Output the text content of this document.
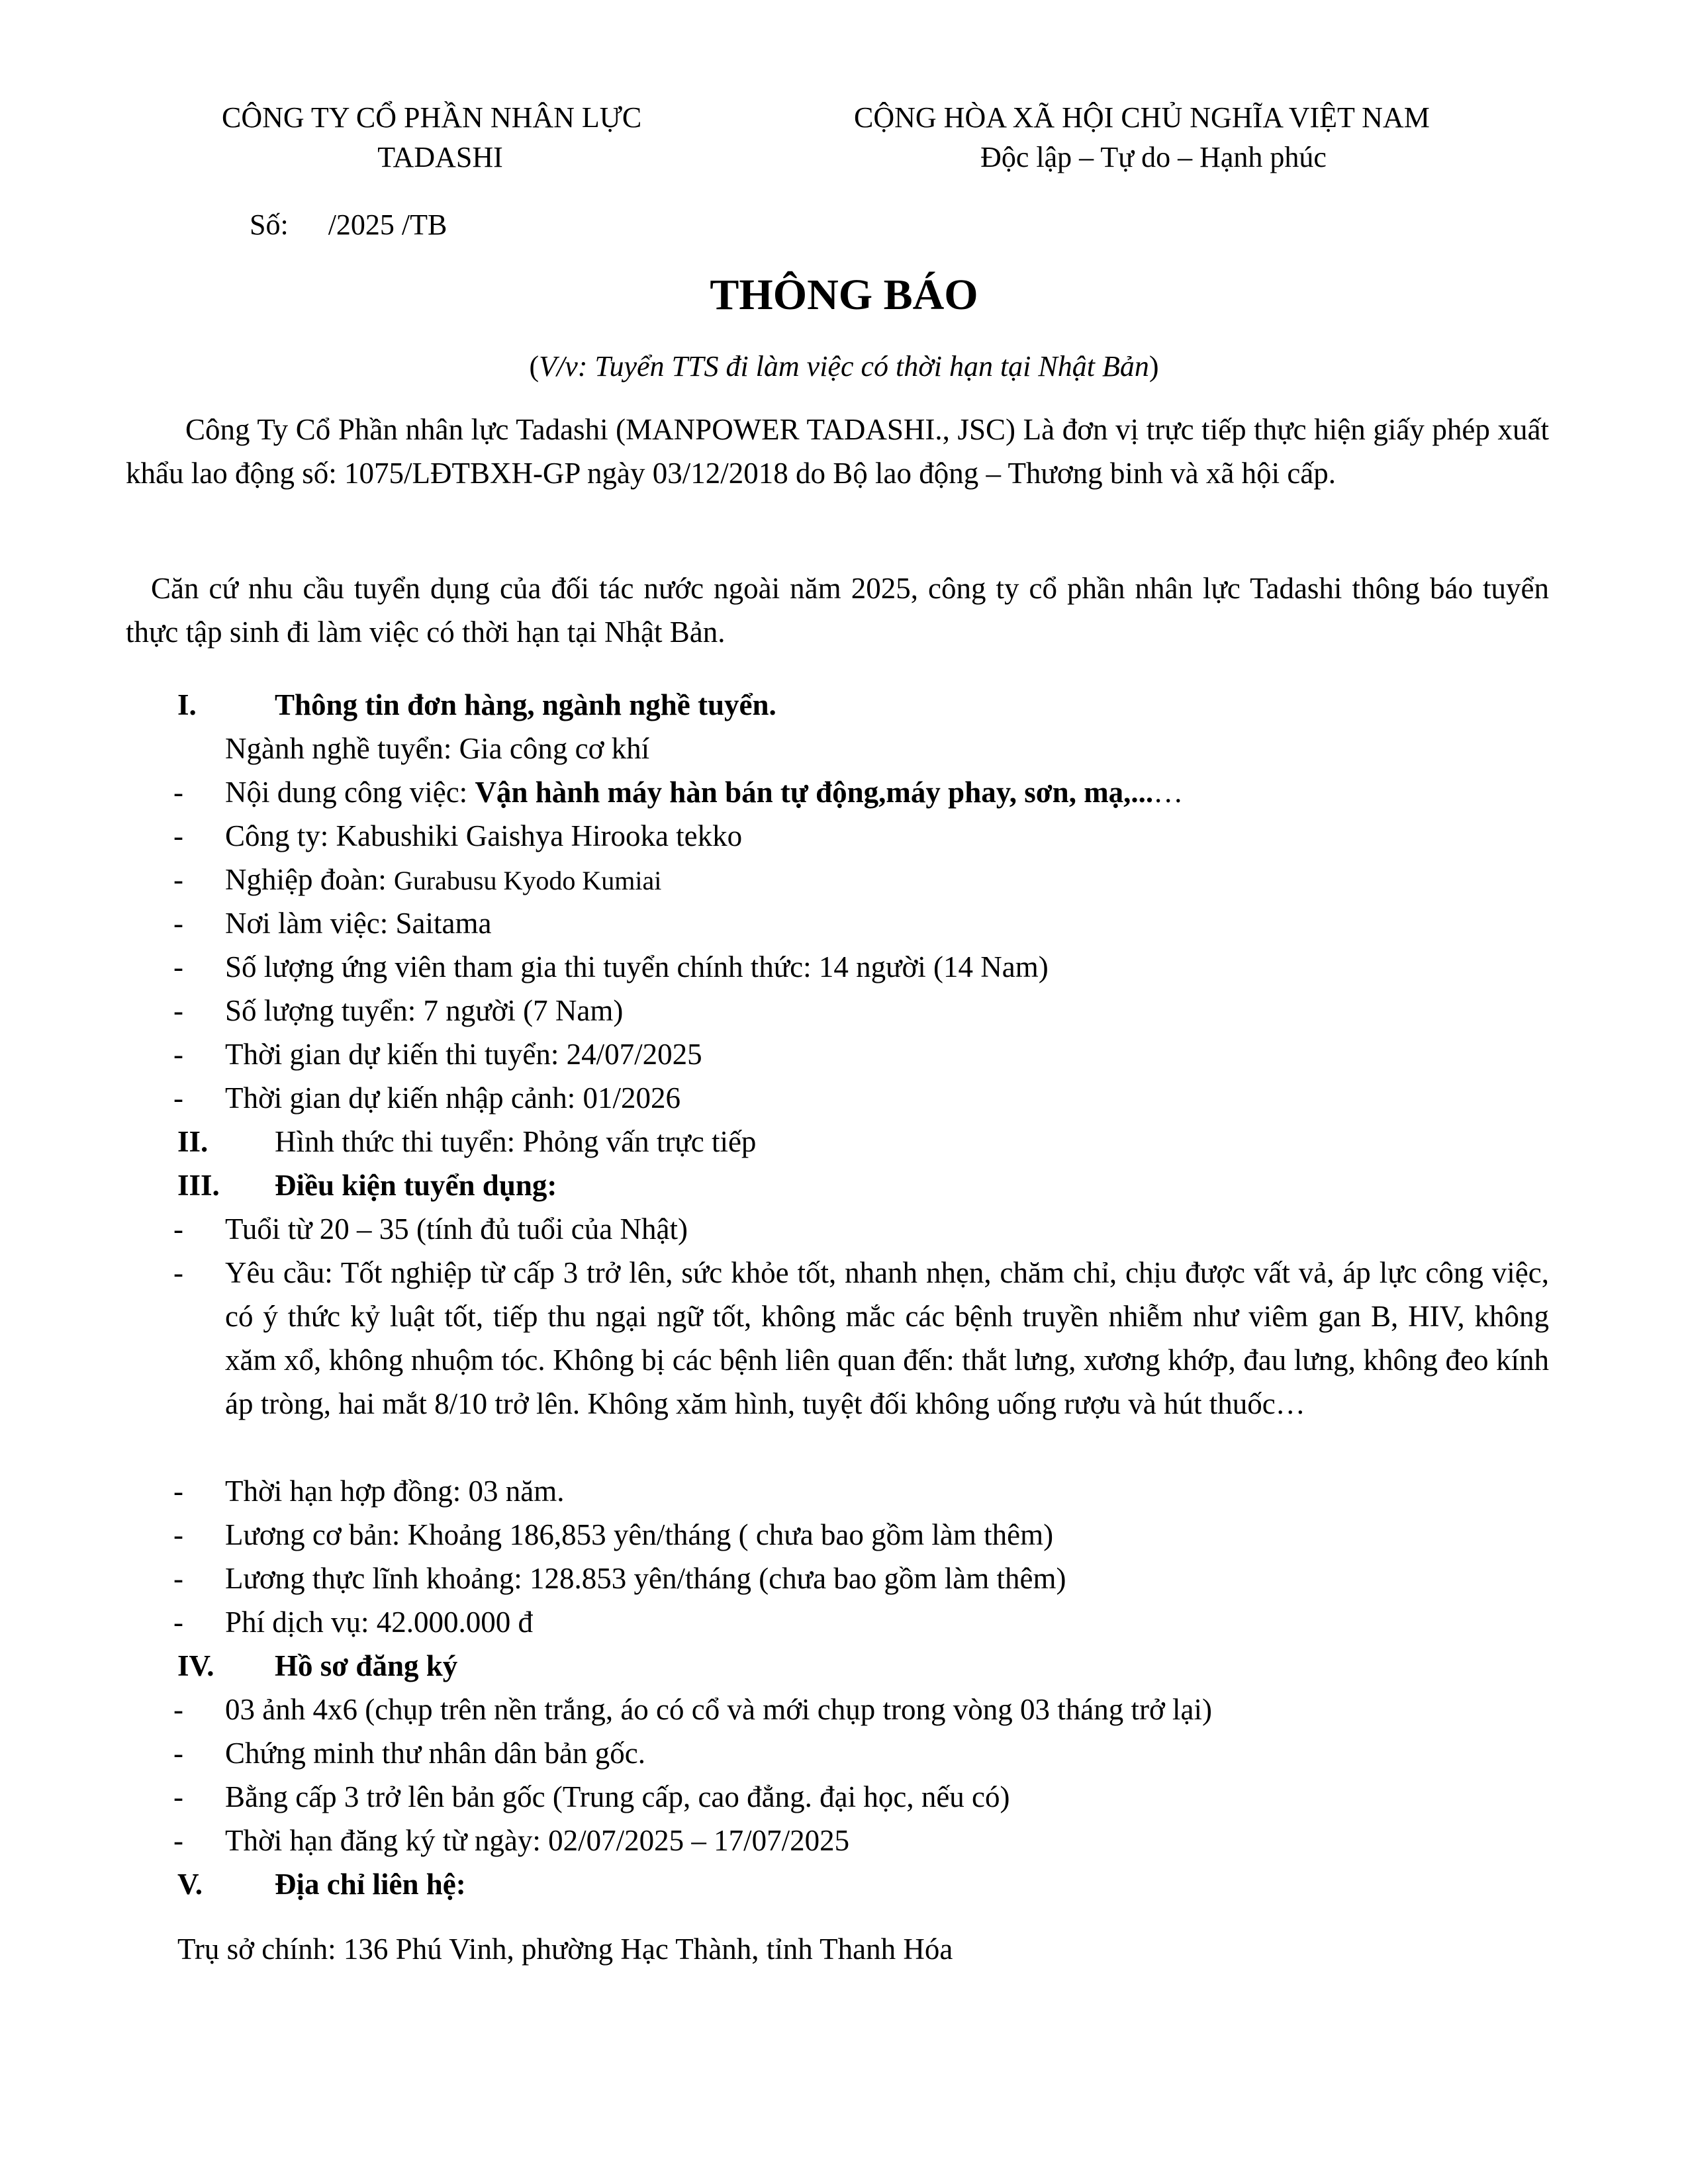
CÔNG TY CỔ PHẦN NHÂN LỰC
TADASHI
CỘNG HÒA XÃ HỘI CHỦ NGHĨA VIỆT NAM
Độc lập – Tự do – Hạnh phúc
Số: /2025 /TB
THÔNG BÁO
(V/v: Tuyển TTS đi làm việc có thời hạn tại Nhật Bản)
Công Ty Cổ Phần nhân lực Tadashi (MANPOWER TADASHI., JSC) Là đơn vị trực tiếp thực hiện giấy phép xuất khẩu lao động số: 1075/LĐTBXH-GP ngày 03/12/2018 do Bộ lao động – Thương binh và xã hội cấp.
Căn cứ nhu cầu tuyển dụng của đối tác nước ngoài năm 2025, công ty cổ phần nhân lực Tadashi thông báo tuyển thực tập sinh đi làm việc có thời hạn tại Nhật Bản.
I.	Thông tin đơn hàng, ngành nghề tuyển.
Ngành nghề tuyển: Gia công cơ khí
- Nội dung công việc: Vận hành máy hàn bán tự động,máy phay, sơn, mạ,...…
- Công ty: Kabushiki Gaishya Hirooka tekko
- Nghiệp đoàn: Gurabusu Kyodo Kumiai
- Nơi làm việc: Saitama
- Số lượng ứng viên tham gia thi tuyển chính thức: 14 người (14 Nam)
- Số lượng tuyển: 7 người (7 Nam)
- Thời gian dự kiến thi tuyển: 24/07/2025
- Thời gian dự kiến nhập cảnh: 01/2026
II. Hình thức thi tuyển: Phỏng vấn trực tiếp
III. Điều kiện tuyển dụng:
- Tuổi từ 20 – 35 (tính đủ tuổi của Nhật)
- Yêu cầu: Tốt nghiệp từ cấp 3 trở lên, sức khỏe tốt, nhanh nhẹn, chăm chỉ, chịu được vất vả, áp lực công việc, có ý thức kỷ luật tốt, tiếp thu ngại ngữ tốt, không mắc các bệnh truyền nhiễm như viêm gan B, HIV, không xăm xổ, không nhuộm tóc. Không bị các bệnh liên quan đến: thắt lưng, xương khớp, đau lưng, không đeo kính áp tròng, hai mắt 8/10 trở lên. Không xăm hình, tuyệt đối không uống rượu và hút thuốc…
- Thời hạn hợp đồng: 03 năm.
- Lương cơ bản: Khoảng 186,853 yên/tháng ( chưa bao gồm làm thêm)
- Lương thực lĩnh khoảng: 128.853 yên/tháng (chưa bao gồm làm thêm)
- Phí dịch vụ: 42.000.000 đ
IV. Hồ sơ đăng ký
- 03 ảnh 4x6 (chụp trên nền trắng, áo có cổ và mới chụp trong vòng 03 tháng trở lại)
- Chứng minh thư nhân dân bản gốc.
- Bằng cấp 3 trở lên bản gốc (Trung cấp, cao đẳng. đại học, nếu có)
- Thời hạn đăng ký từ ngày: 02/07/2025 – 17/07/2025
V. Địa chỉ liên hệ:
Trụ sở chính: 136 Phú Vinh, phường Hạc Thành, tỉnh Thanh Hóa
